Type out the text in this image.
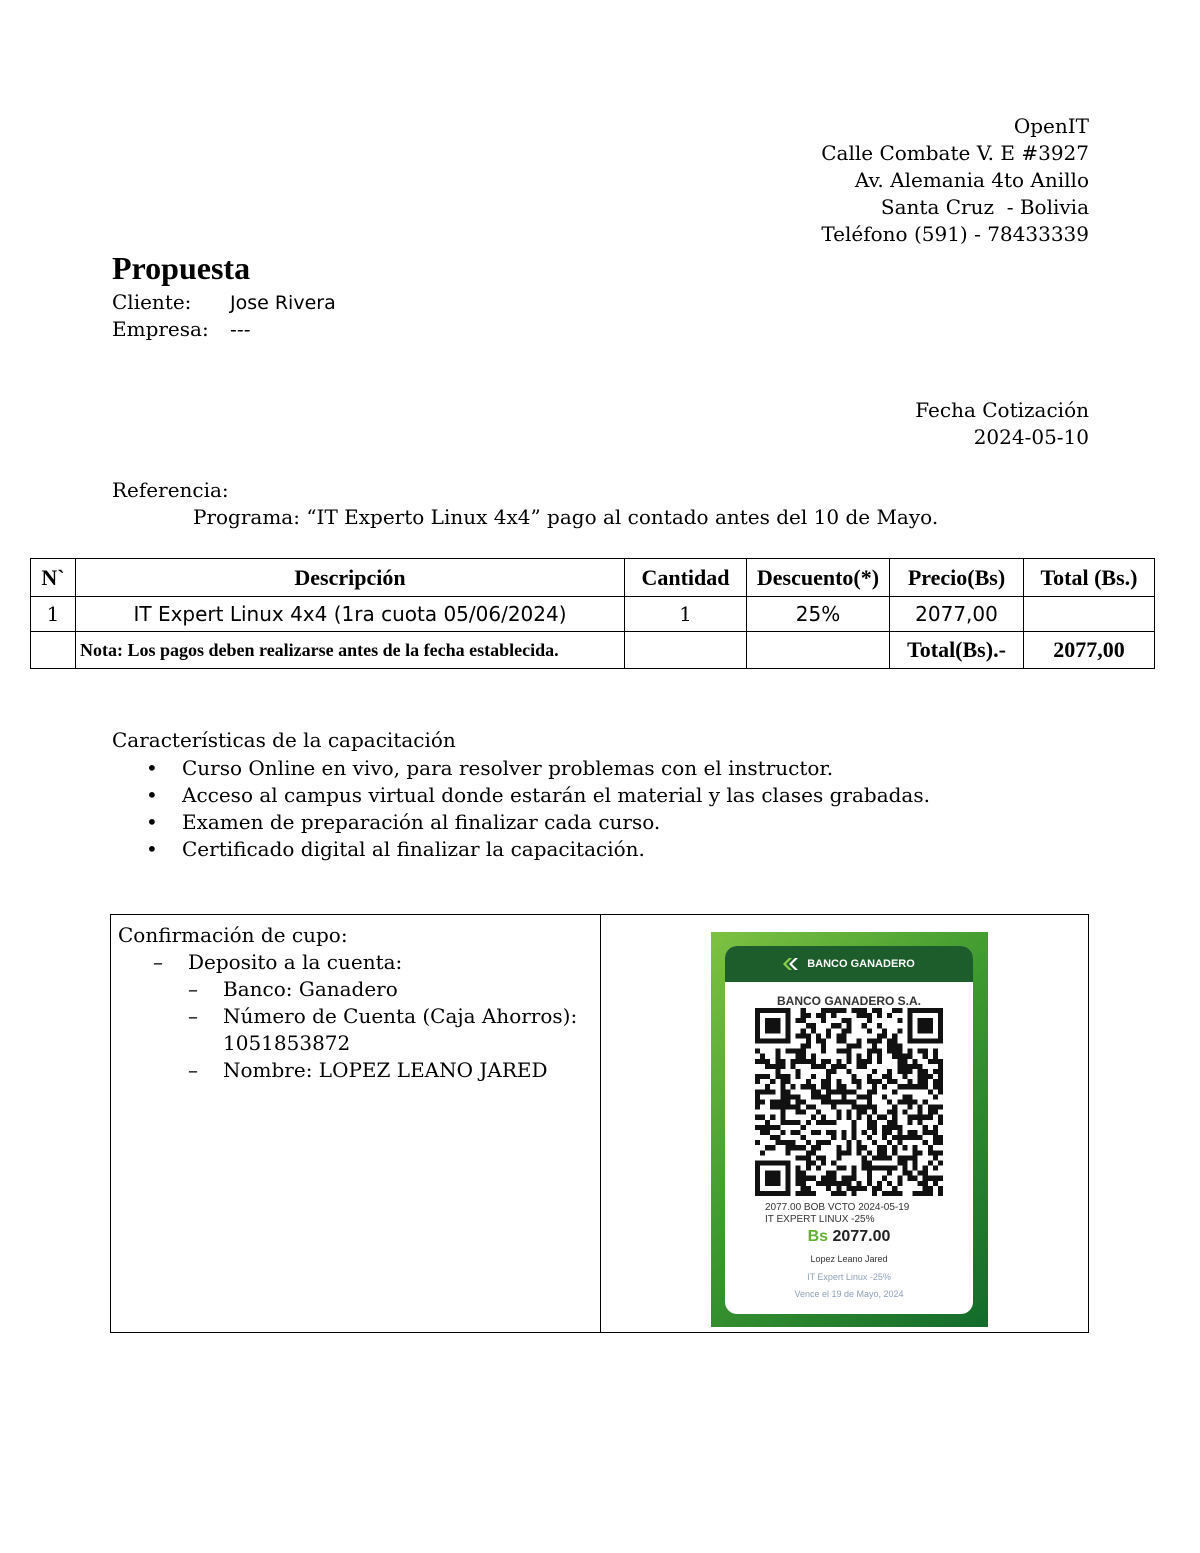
OpenIT
Calle Combate V. E #3927
Av. Alemania 4to Anillo
Santa Cruz  - Bolivia
Teléfono (591) - 78433339
Propuesta
Cliente: Jose Rivera
Empresa: ---
Fecha Cotización
2024-05-10
Referencia:
Programa: “IT Experto Linux 4x4” pago al contado antes del 10 de Mayo.
N`	Descripción	Cantidad	Descuento(*)	Precio(Bs)	Total (Bs.)
1	IT Expert Linux 4x4 (1ra cuota 05/06/2024)	1	25%	2077,00	
	Nota: Los pagos deben realizarse antes de la fecha establecida.			Total(Bs).-	2077,00
Características de la capacitación
• Curso Online en vivo, para resolver problemas con el instructor.
• Acceso al campus virtual donde estarán el material y las clases grabadas.
• Examen de preparación al finalizar cada curso.
• Certificado digital al finalizar la capacitación.
Confirmación de cupo:
– Deposito a la cuenta:
– Banco: Ganadero
– Número de Cuenta (Caja Ahorros):
1051853872
– Nombre: LOPEZ LEANO JARED
BANCO GANADERO
BANCO GANADERO S.A.
2077.00 BOB VCTO 2024-05-19
IT EXPERT LINUX -25%
Bs 2077.00
Lopez Leano Jared
IT Expert Linux -25%
Vence el 19 de Mayo, 2024
